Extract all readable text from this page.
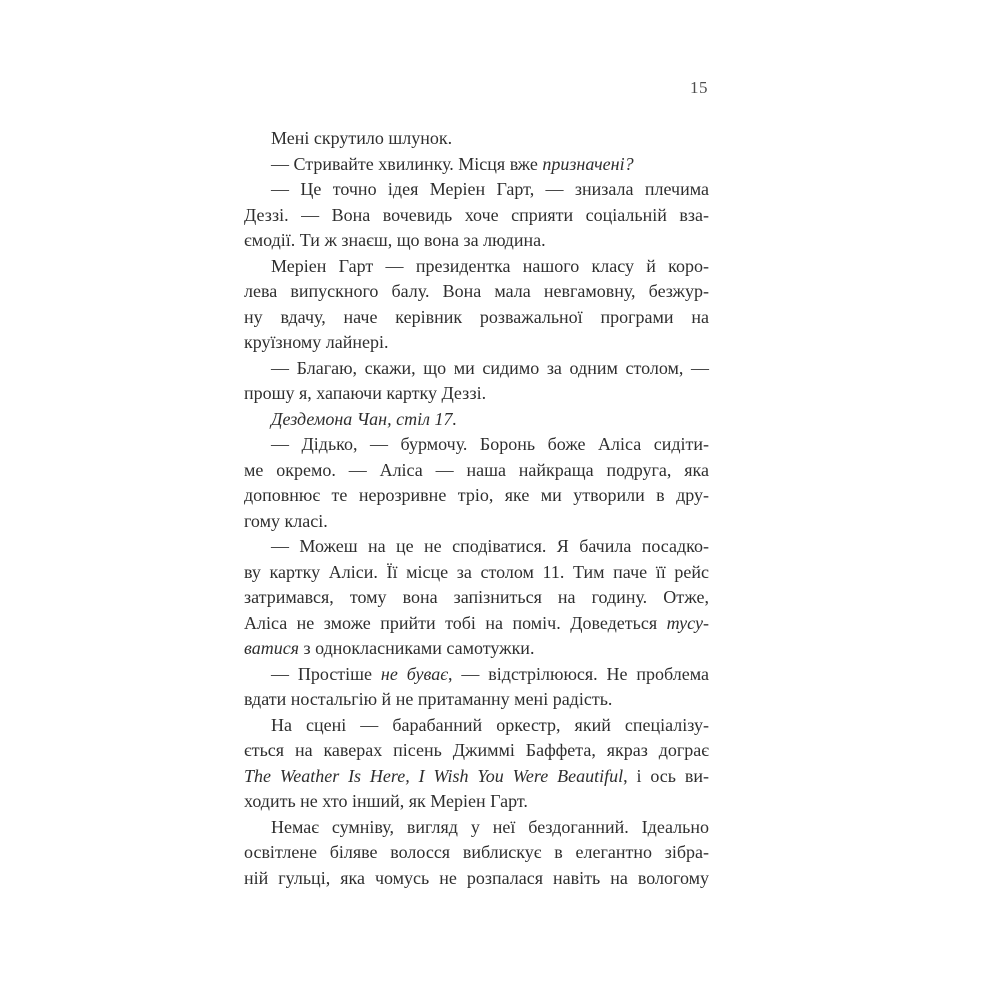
15
Мені скрутило шлунок.
— Стривайте хвилинку. Місця вже призначені?
— Це точно ідея Меріен Гарт, — знизала плечима
Деззі. — Вона вочевидь хоче сприяти соціальній вза-
ємодії. Ти ж знаєш, що вона за людина.
Меріен Гарт — президентка нашого класу й коро-
лева випускного балу. Вона мала невгамовну, безжур-
ну вдачу, наче керівник розважальної програми на
круїзному лайнері.
— Благаю, скажи, що ми сидимо за одним столом, —
прошу я, хапаючи картку Деззі.
Дездемона Чан, стіл 17.
— Дідько, — бурмочу. Боронь боже Аліса сидіти-
ме окремо. — Аліса — наша найкраща подруга, яка
доповнює те нерозривне тріо, яке ми утворили в дру-
гому класі.
— Можеш на це не сподіватися. Я бачила посадко-
ву картку Аліси. Її місце за столом 11. Тим паче її рейс
затримався, тому вона запізниться на годину. Отже,
Аліса не зможе прийти тобі на поміч. Доведеться тусу-
ватися з однокласниками самотужки.
— Простіше не буває, — відстрілююся. Не проблема
вдати ностальгію й не притаманну мені радість.
На сцені — барабанний оркестр, який спеціалізу-
ється на каверах пісень Джиммі Баффета, якраз дограє
The Weather Is Here, I Wish You Were Beautiful, і ось ви-
ходить не хто інший, як Меріен Гарт.
Немає сумніву, вигляд у неї бездоганний. Ідеально
освітлене біляве волосся виблискує в елегантно зібра-
ній гульці, яка чомусь не розпалася навіть на вологому
